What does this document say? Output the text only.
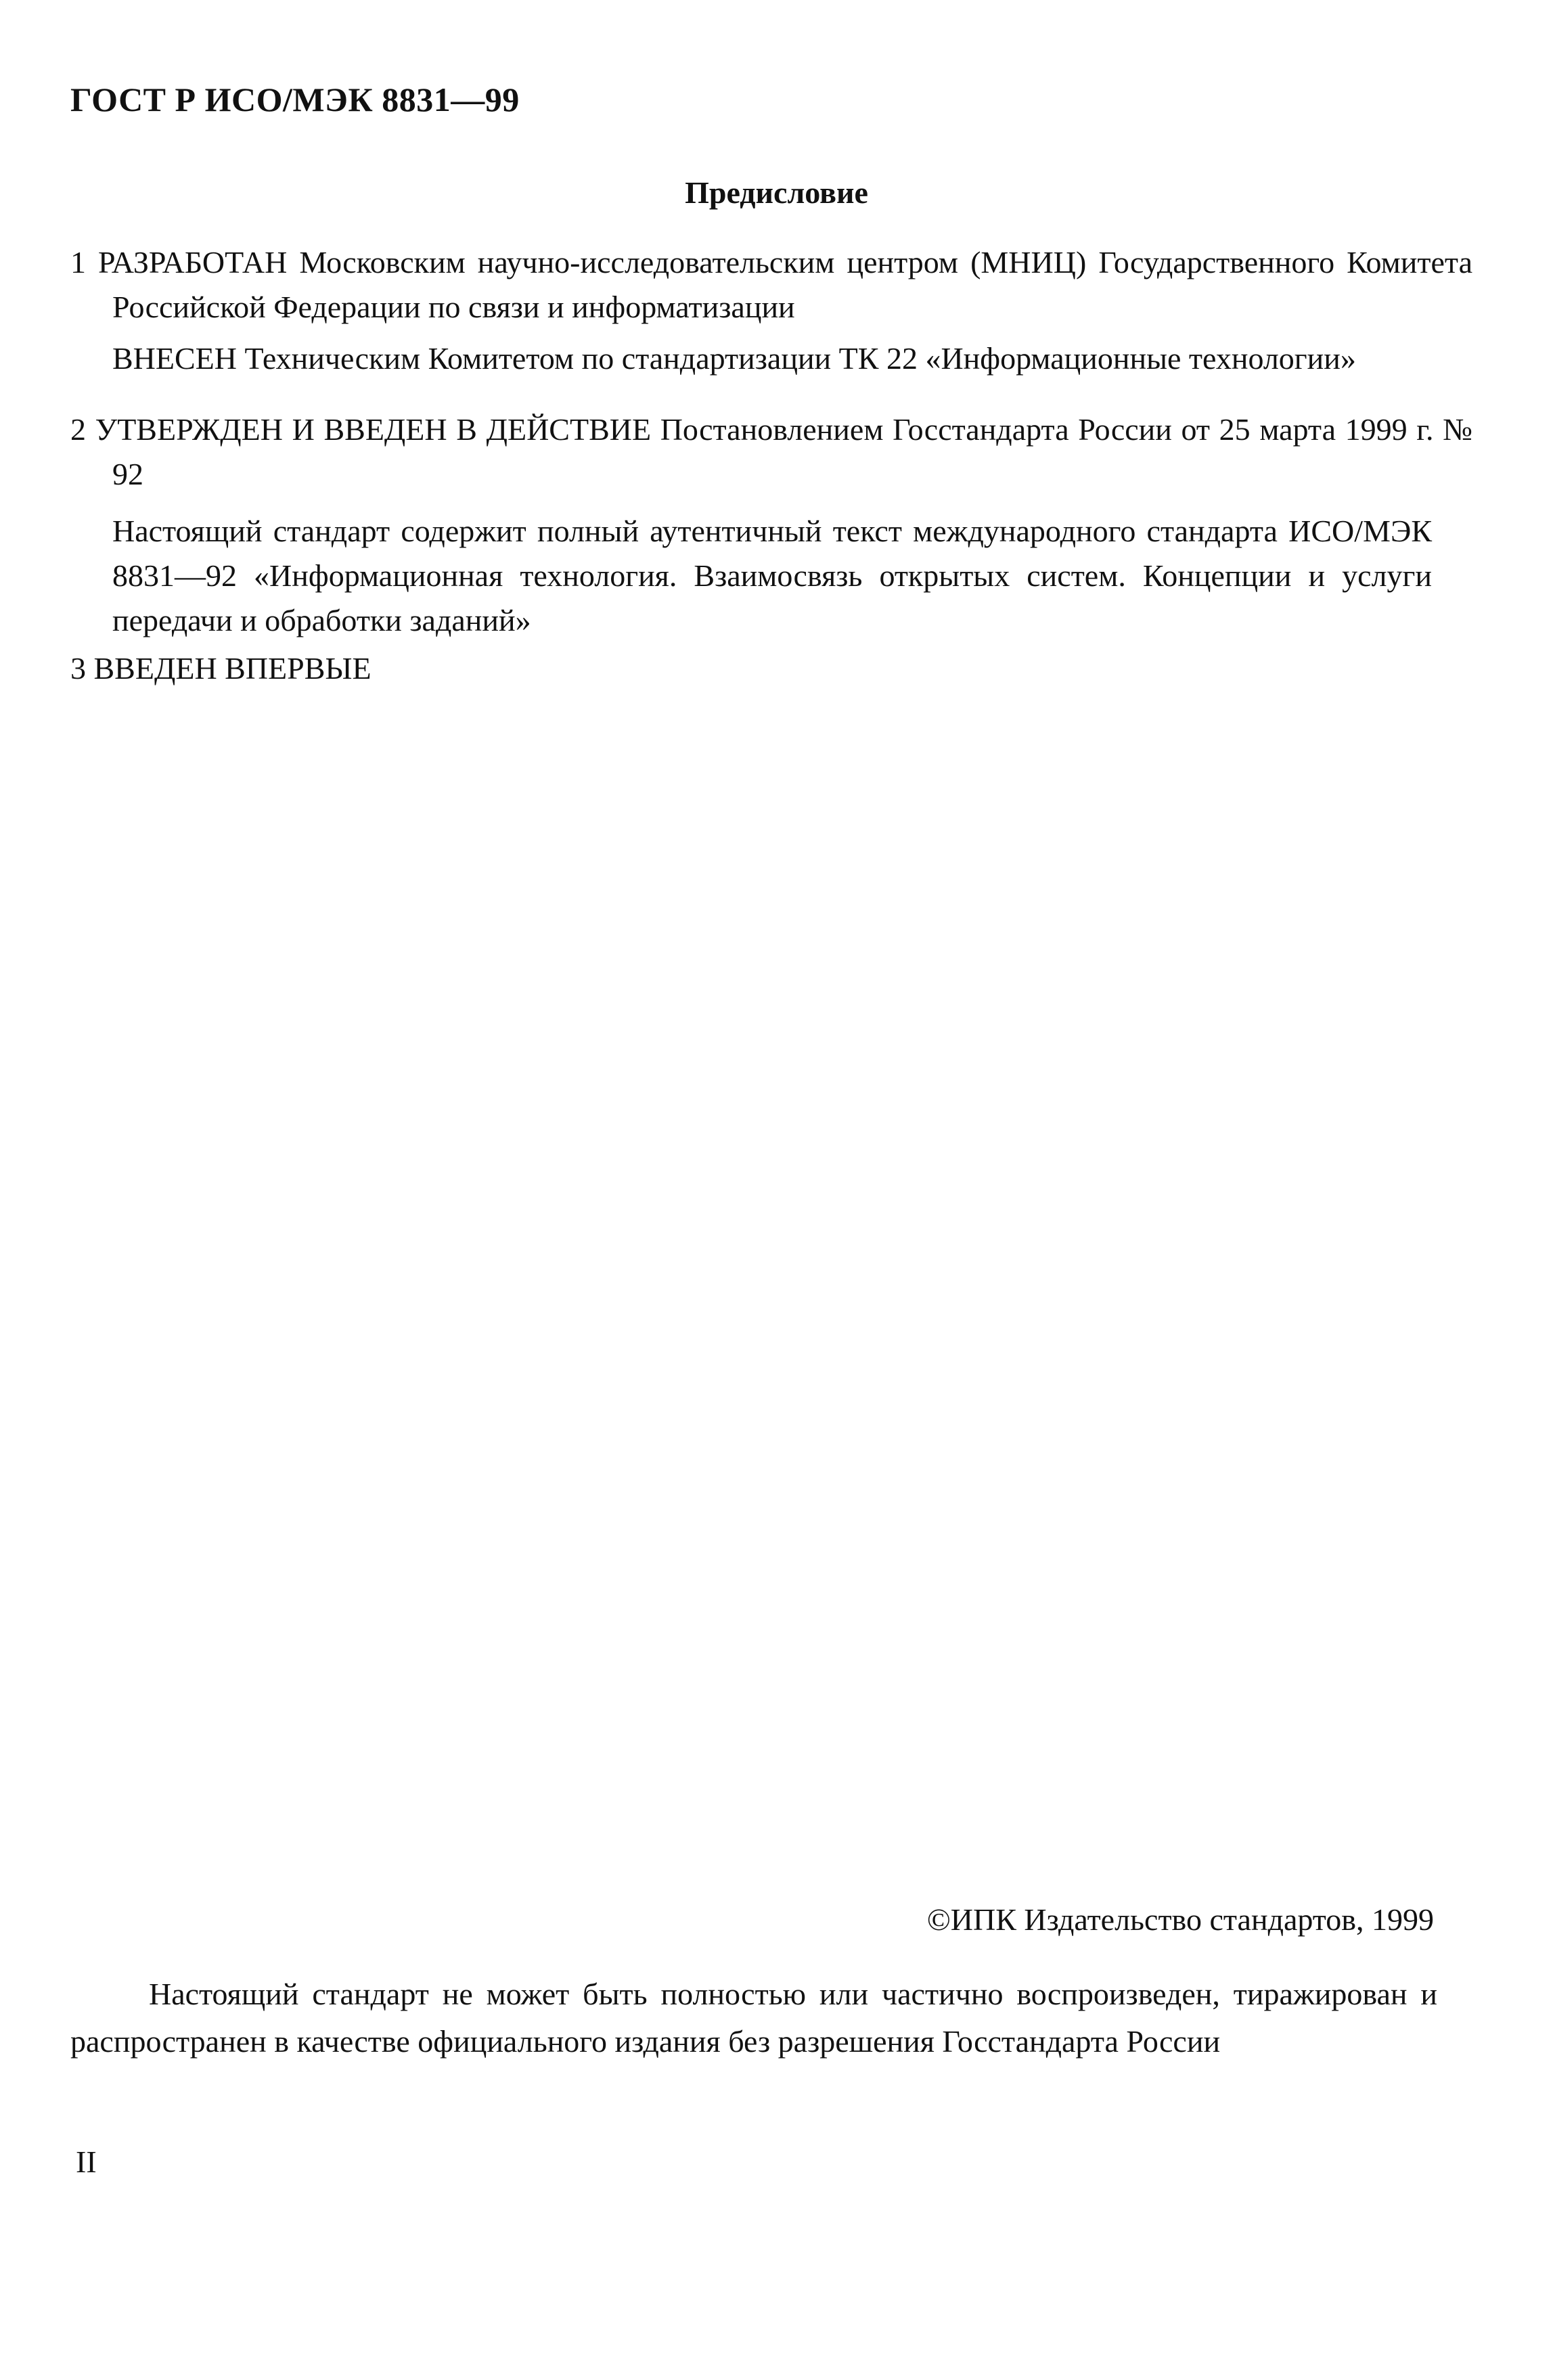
ГОСТ Р ИСО/МЭК 8831—99
Предисловие
1 РАЗРАБОТАН Московским научно-исследовательским центром (МНИЦ) Государственного Комитета Российской Федерации по связи и информатизации
ВНЕСЕН Техническим Комитетом по стандартизации ТК 22 «Информационные технологии»
2 УТВЕРЖДЕН И ВВЕДЕН В ДЕЙСТВИЕ Постановлением Госстандарта России от 25 марта 1999 г. № 92
Настоящий стандарт содержит полный аутентичный текст международного стандарта ИСО/МЭК 8831—92 «Информационная технология. Взаимосвязь открытых систем. Концепции и услуги передачи и обработки заданий»
3 ВВЕДЕН ВПЕРВЫЕ
©ИПК Издательство стандартов, 1999
Настоящий стандарт не может быть полностью или частично воспроизведен, тиражирован и распространен в качестве официального издания без разрешения Госстандарта России
II
